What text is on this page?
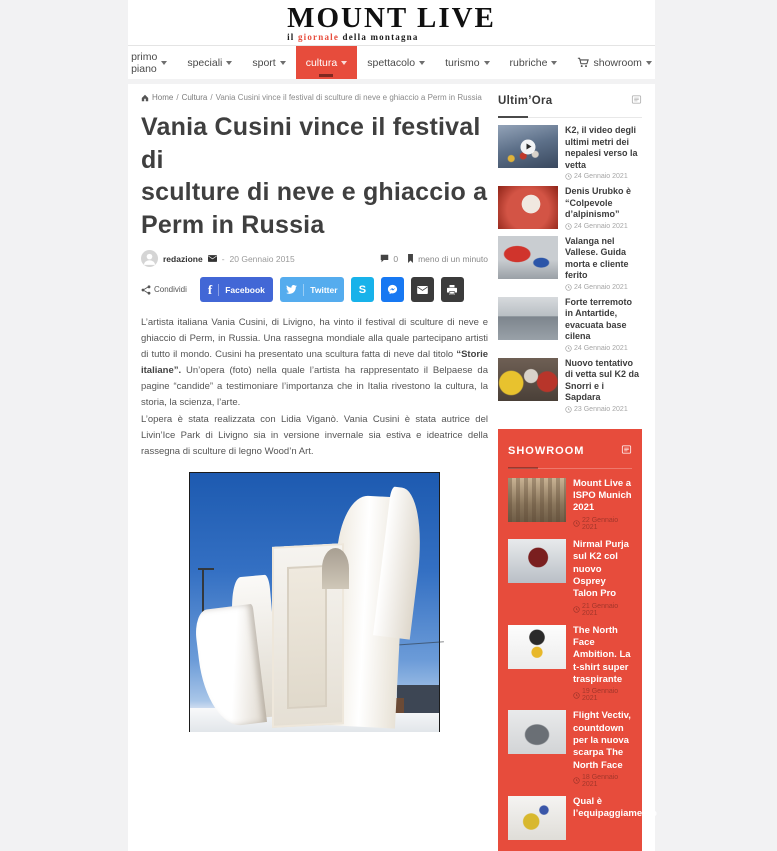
MOUNT LIVE
il giornale della montagna
primo piano	speciali	sport	cultura	spettacolo	turismo	rubriche	showroom
Home / Cultura / Vania Cusini vince il festival di sculture di neve e ghiaccio a Perm in Russia
Vania Cusini vince il festival di
sculture di neve e ghiaccio a
Perm in Russia
redazione - 20 Gennaio 2015	0 meno di un minuto
Condividi f Facebook	Twitter S

L’artista italiana Vania Cusini, di Livigno, ha vinto il festival di sculture di neve e ghiaccio di Perm, in Russia. Una rassegna mondiale alla quale partecipano artisti di tutto il mondo. Cusini ha presentato una scultura fatta di neve dal titolo “Storie italiane”. Un’opera (foto) nella quale l’artista ha rappresentato il Belpaese da pagine “candide” a testimoniare l’importanza che in Italia rivestono la cultura, la storia, la scienza, l’arte.

L’opera è stata realizzata con Lidia Viganò. Vania Cusini è stata autrice del Livin’Ice Park di Livigno sia in versione invernale sia estiva e ideatrice della rassegna di sculture di legno Wood’n Art.

Ultim’Ora
K2, il video degli ultimi metri dei nepalesi verso la vetta
24 Gennaio 2021
Denis Urubko è “Colpevole d’alpinismo”
24 Gennaio 2021
Valanga nel Vallese. Guida morta e cliente ferito
24 Gennaio 2021
Forte terremoto in Antartide, evacuata base cilena
24 Gennaio 2021
Nuovo tentativo di vetta sul K2 da Snorri e i Sapdara
23 Gennaio 2021
SHOWROOM
Mount Live a ISPO Munich 2021
22 Gennaio 2021
Nirmal Purja sul K2 col nuovo Osprey Talon Pro
21 Gennaio 2021
The North Face Ambition. La t-shirt super traspirante
19 Gennaio 2021
Flight Vectiv, countdown per la nuova scarpa The North Face
18 Gennaio 2021
Qual è l’equipaggiamento
